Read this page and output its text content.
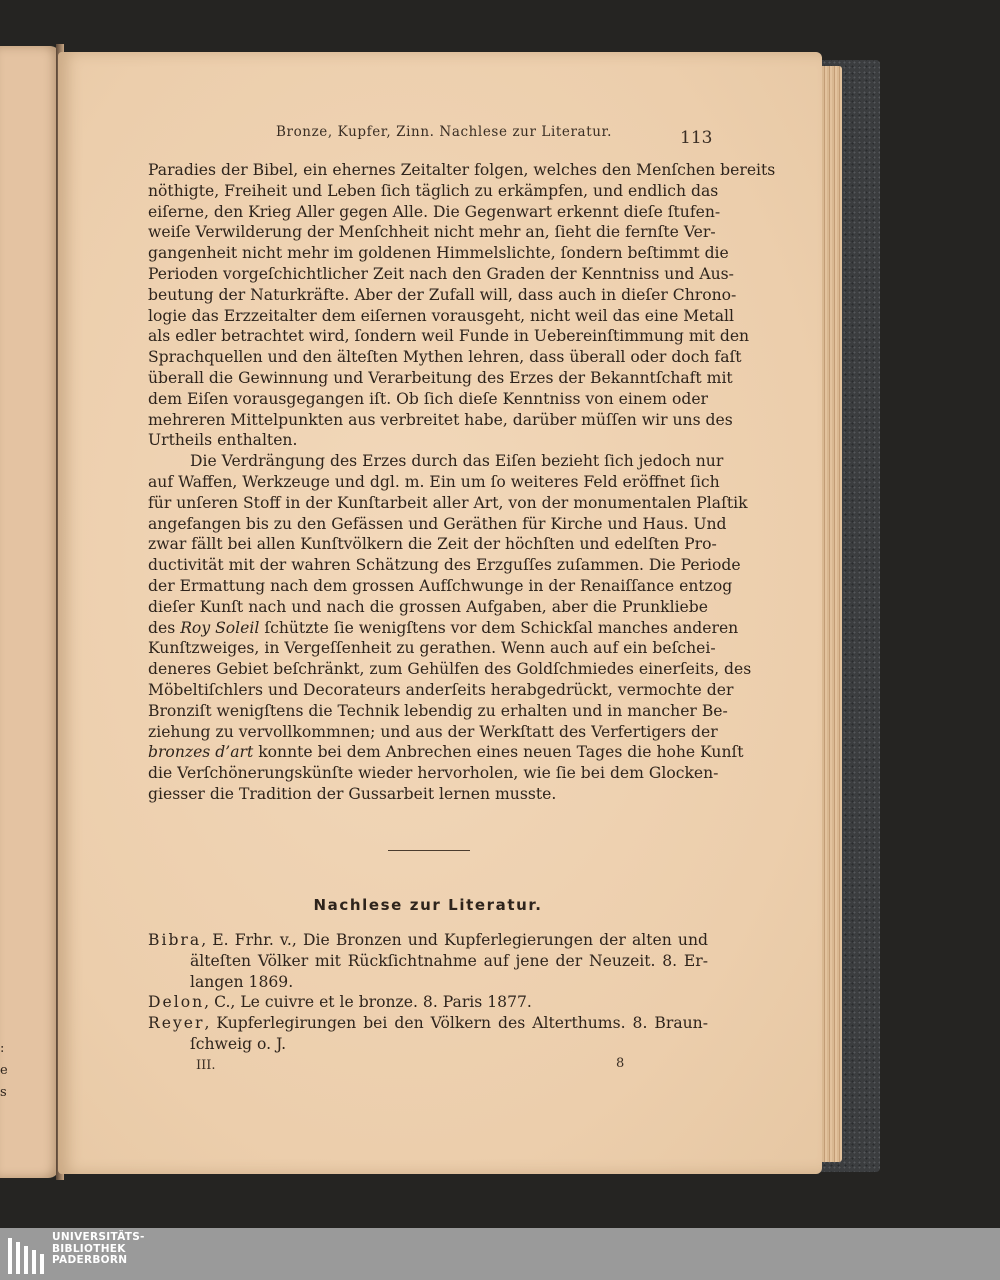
:
e
s
Bronze, Kupfer, Zinn. Nachlese zur Literatur.	113
Paradies der Bibel, ein ehernes Zeitalter folgen, welches den Menſchen bereits
nöthigte, Freiheit und Leben ſich täglich zu erkämpfen, und endlich das
eiſerne, den Krieg Aller gegen Alle. Die Gegenwart erkennt dieſe ſtufen-
weiſe Verwilderung der Menſchheit nicht mehr an, ſieht die fernſte Ver-
gangenheit nicht mehr im goldenen Himmelslichte, ſondern beſtimmt die
Perioden vorgeſchichtlicher Zeit nach den Graden der Kenntniss und Aus-
beutung der Naturkräfte. Aber der Zufall will, dass auch in dieſer Chrono-
logie das Erzzeitalter dem eiſernen vorausgeht, nicht weil das eine Metall
als edler betrachtet wird, ſondern weil Funde in Uebereinſtimmung mit den
Sprachquellen und den älteſten Mythen lehren, dass überall oder doch faſt
überall die Gewinnung und Verarbeitung des Erzes der Bekanntſchaft mit
dem Eiſen vorausgegangen iſt. Ob ſich dieſe Kenntniss von einem oder
mehreren Mittelpunkten aus verbreitet habe, darüber müſſen wir uns des
Urtheils enthalten.
Die Verdrängung des Erzes durch das Eiſen bezieht ſich jedoch nur
auf Waffen, Werkzeuge und dgl. m. Ein um ſo weiteres Feld eröffnet ſich
für unſeren Stoff in der Kunſtarbeit aller Art, von der monumentalen Plaſtik
angefangen bis zu den Gefässen und Geräthen für Kirche und Haus. Und
zwar fällt bei allen Kunſtvölkern die Zeit der höchſten und edelſten Pro-
ductivität mit der wahren Schätzung des Erzguſſes zuſammen. Die Periode
der Ermattung nach dem grossen Aufſchwunge in der Renaiſſance entzog
dieſer Kunſt nach und nach die grossen Aufgaben, aber die Prunkliebe
des Roy Soleil ſchützte ſie wenigſtens vor dem Schickſal manches anderen
Kunſtzweiges, in Vergeſſenheit zu gerathen. Wenn auch auf ein beſchei-
deneres Gebiet beſchränkt, zum Gehülfen des Goldſchmiedes einerſeits, des
Möbeltiſchlers und Decorateurs anderſeits herabgedrückt, vermochte der
Bronziſt wenigſtens die Technik lebendig zu erhalten und in mancher Be-
ziehung zu vervollkommnen; und aus der Werkſtatt des Verfertigers der
bronzes d’art konnte bei dem Anbrechen eines neuen Tages die hohe Kunſt
die Verſchönerungskünſte wieder hervorholen, wie ſie bei dem Glocken-
giesser die Tradition der Gussarbeit lernen musste.
Nachlese zur Literatur.
Bibra, E. Frhr. v., Die Bronzen und Kupferlegierungen der alten und
älteſten Völker mit Rückſichtnahme auf jene der Neuzeit. 8. Er-
langen 1869.
Delon, C., Le cuivre et le bronze. 8. Paris 1877.
Reyer, Kupferlegirungen bei den Völkern des Alterthums. 8. Braun-
ſchweig o. J.
III.	8
UNIVERSITÄTS-
BIBLIOTHEK
PADERBORN
